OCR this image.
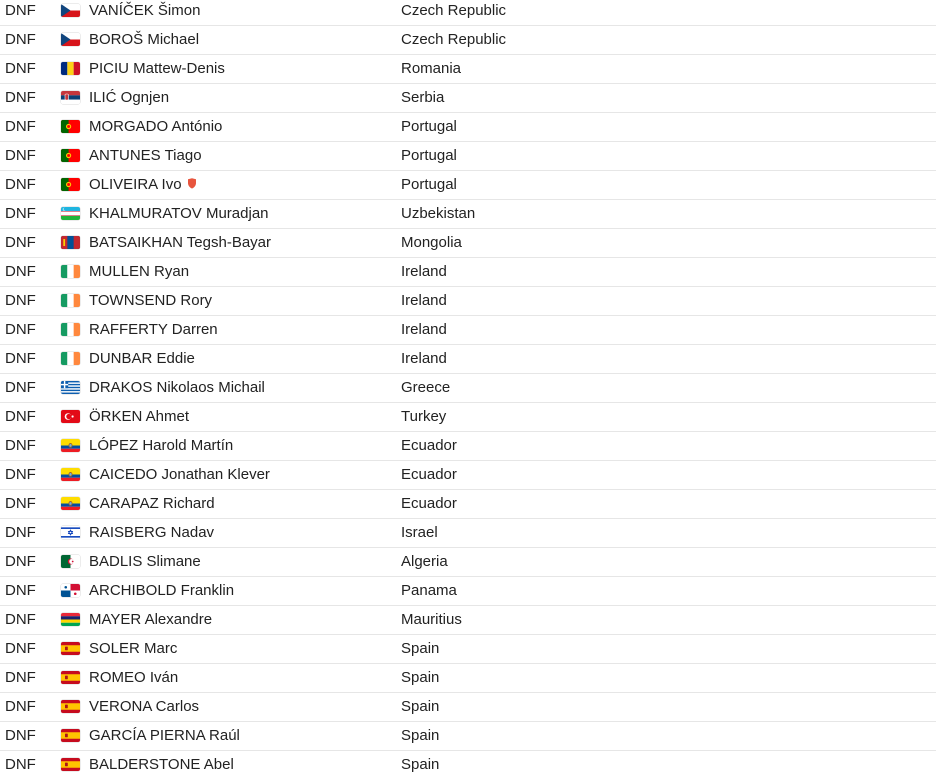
DNF	VANÍČEK Šimon	Czech Republic
DNF	BOROŠ Michael	Czech Republic
DNF	PICIU Mattew-Denis	Romania
DNF	ILIĆ Ognjen	Serbia
DNF	MORGADO António	Portugal
DNF	ANTUNES Tiago	Portugal
DNF	OLIVEIRA Ivo	Portugal
DNF	KHALMURATOV Muradjan	Uzbekistan
DNF	BATSAIKHAN Tegsh-Bayar	Mongolia
DNF	MULLEN Ryan	Ireland
DNF	TOWNSEND Rory	Ireland
DNF	RAFFERTY Darren	Ireland
DNF	DUNBAR Eddie	Ireland
DNF	DRAKOS Nikolaos Michail	Greece
DNF	ÖRKEN Ahmet	Turkey
DNF	LÓPEZ Harold Martín	Ecuador
DNF	CAICEDO Jonathan Klever	Ecuador
DNF	CARAPAZ Richard	Ecuador
DNF	RAISBERG Nadav	Israel
DNF	BADLIS Slimane	Algeria
DNF	ARCHIBOLD Franklin	Panama
DNF	MAYER Alexandre	Mauritius
DNF	SOLER Marc	Spain
DNF	ROMEO Iván	Spain
DNF	VERONA Carlos	Spain
DNF	GARCÍA PIERNA Raúl	Spain
DNF	BALDERSTONE Abel	Spain
